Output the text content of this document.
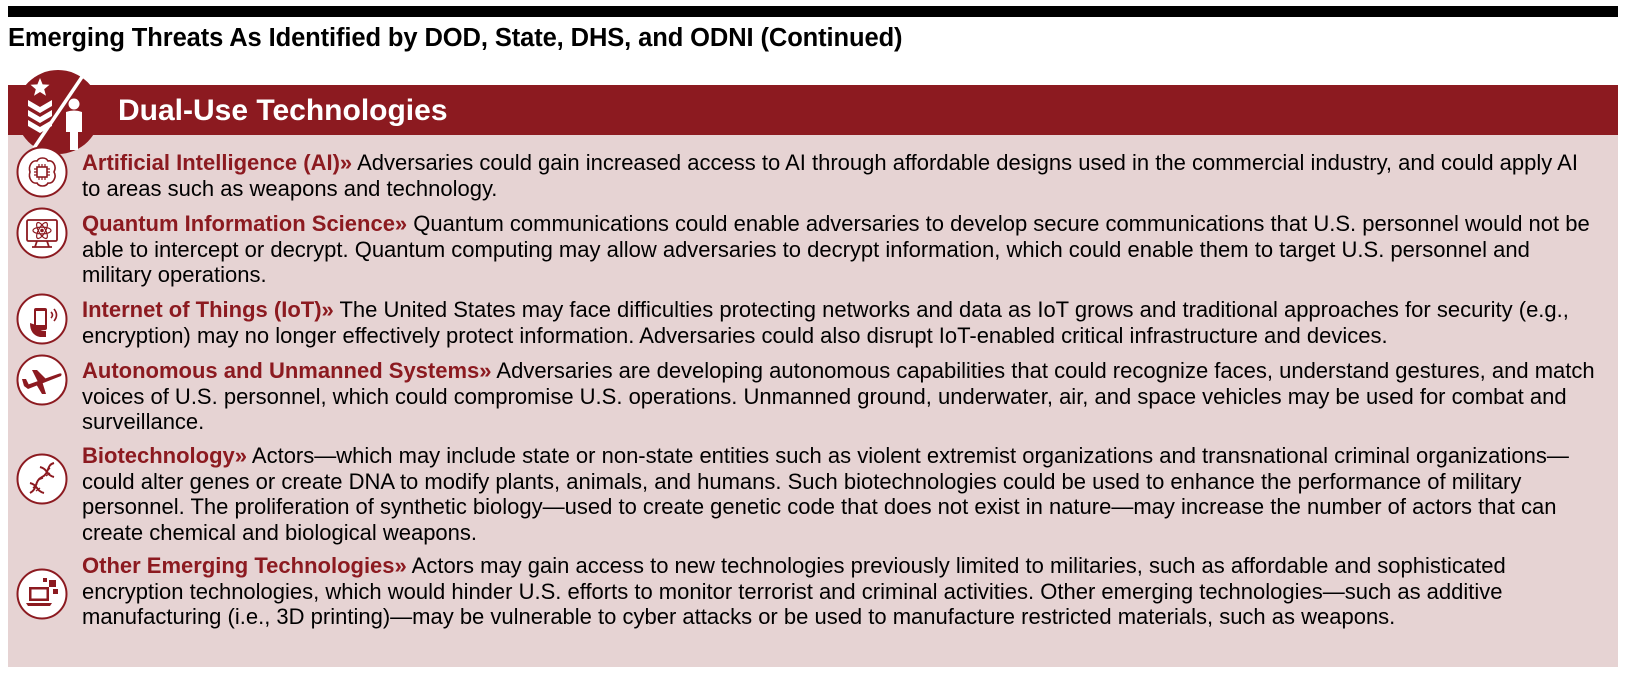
Emerging Threats As Identified by DOD, State, DHS, and ODNI (Continued)
Dual-Use Technologies
Artificial Intelligence (AI)» Adversaries could gain increased access to AI through affordable designs used in the commercial industry, and could apply AI to areas such as weapons and technology.
Quantum Information Science» Quantum communications could enable adversaries to develop secure communications that U.S. personnel would not be able to intercept or decrypt. Quantum computing may allow adversaries to decrypt information, which could enable them to target U.S. personnel and military operations.
Internet of Things (IoT)» The United States may face difficulties protecting networks and data as IoT grows and traditional approaches for security (e.g., encryption) may no longer effectively protect information. Adversaries could also disrupt IoT-enabled critical infrastructure and devices.
Autonomous and Unmanned Systems» Adversaries are developing autonomous capabilities that could recognize faces, understand gestures, and match voices of U.S. personnel, which could compromise U.S. operations. Unmanned ground, underwater, air, and space vehicles may be used for combat and surveillance.
Biotechnology» Actors—which may include state or non-state entities such as violent extremist organizations and transnational criminal organizations—could alter genes or create DNA to modify plants, animals, and humans. Such biotechnologies could be used to enhance the performance of military personnel. The proliferation of synthetic biology—used to create genetic code that does not exist in nature—may increase the number of actors that can create chemical and biological weapons.
Other Emerging Technologies» Actors may gain access to new technologies previously limited to militaries, such as affordable and sophisticated encryption technologies, which would hinder U.S. efforts to monitor terrorist and criminal activities. Other emerging technologies—such as additive manufacturing (i.e., 3D printing)—may be vulnerable to cyber attacks or be used to manufacture restricted materials, such as weapons.
